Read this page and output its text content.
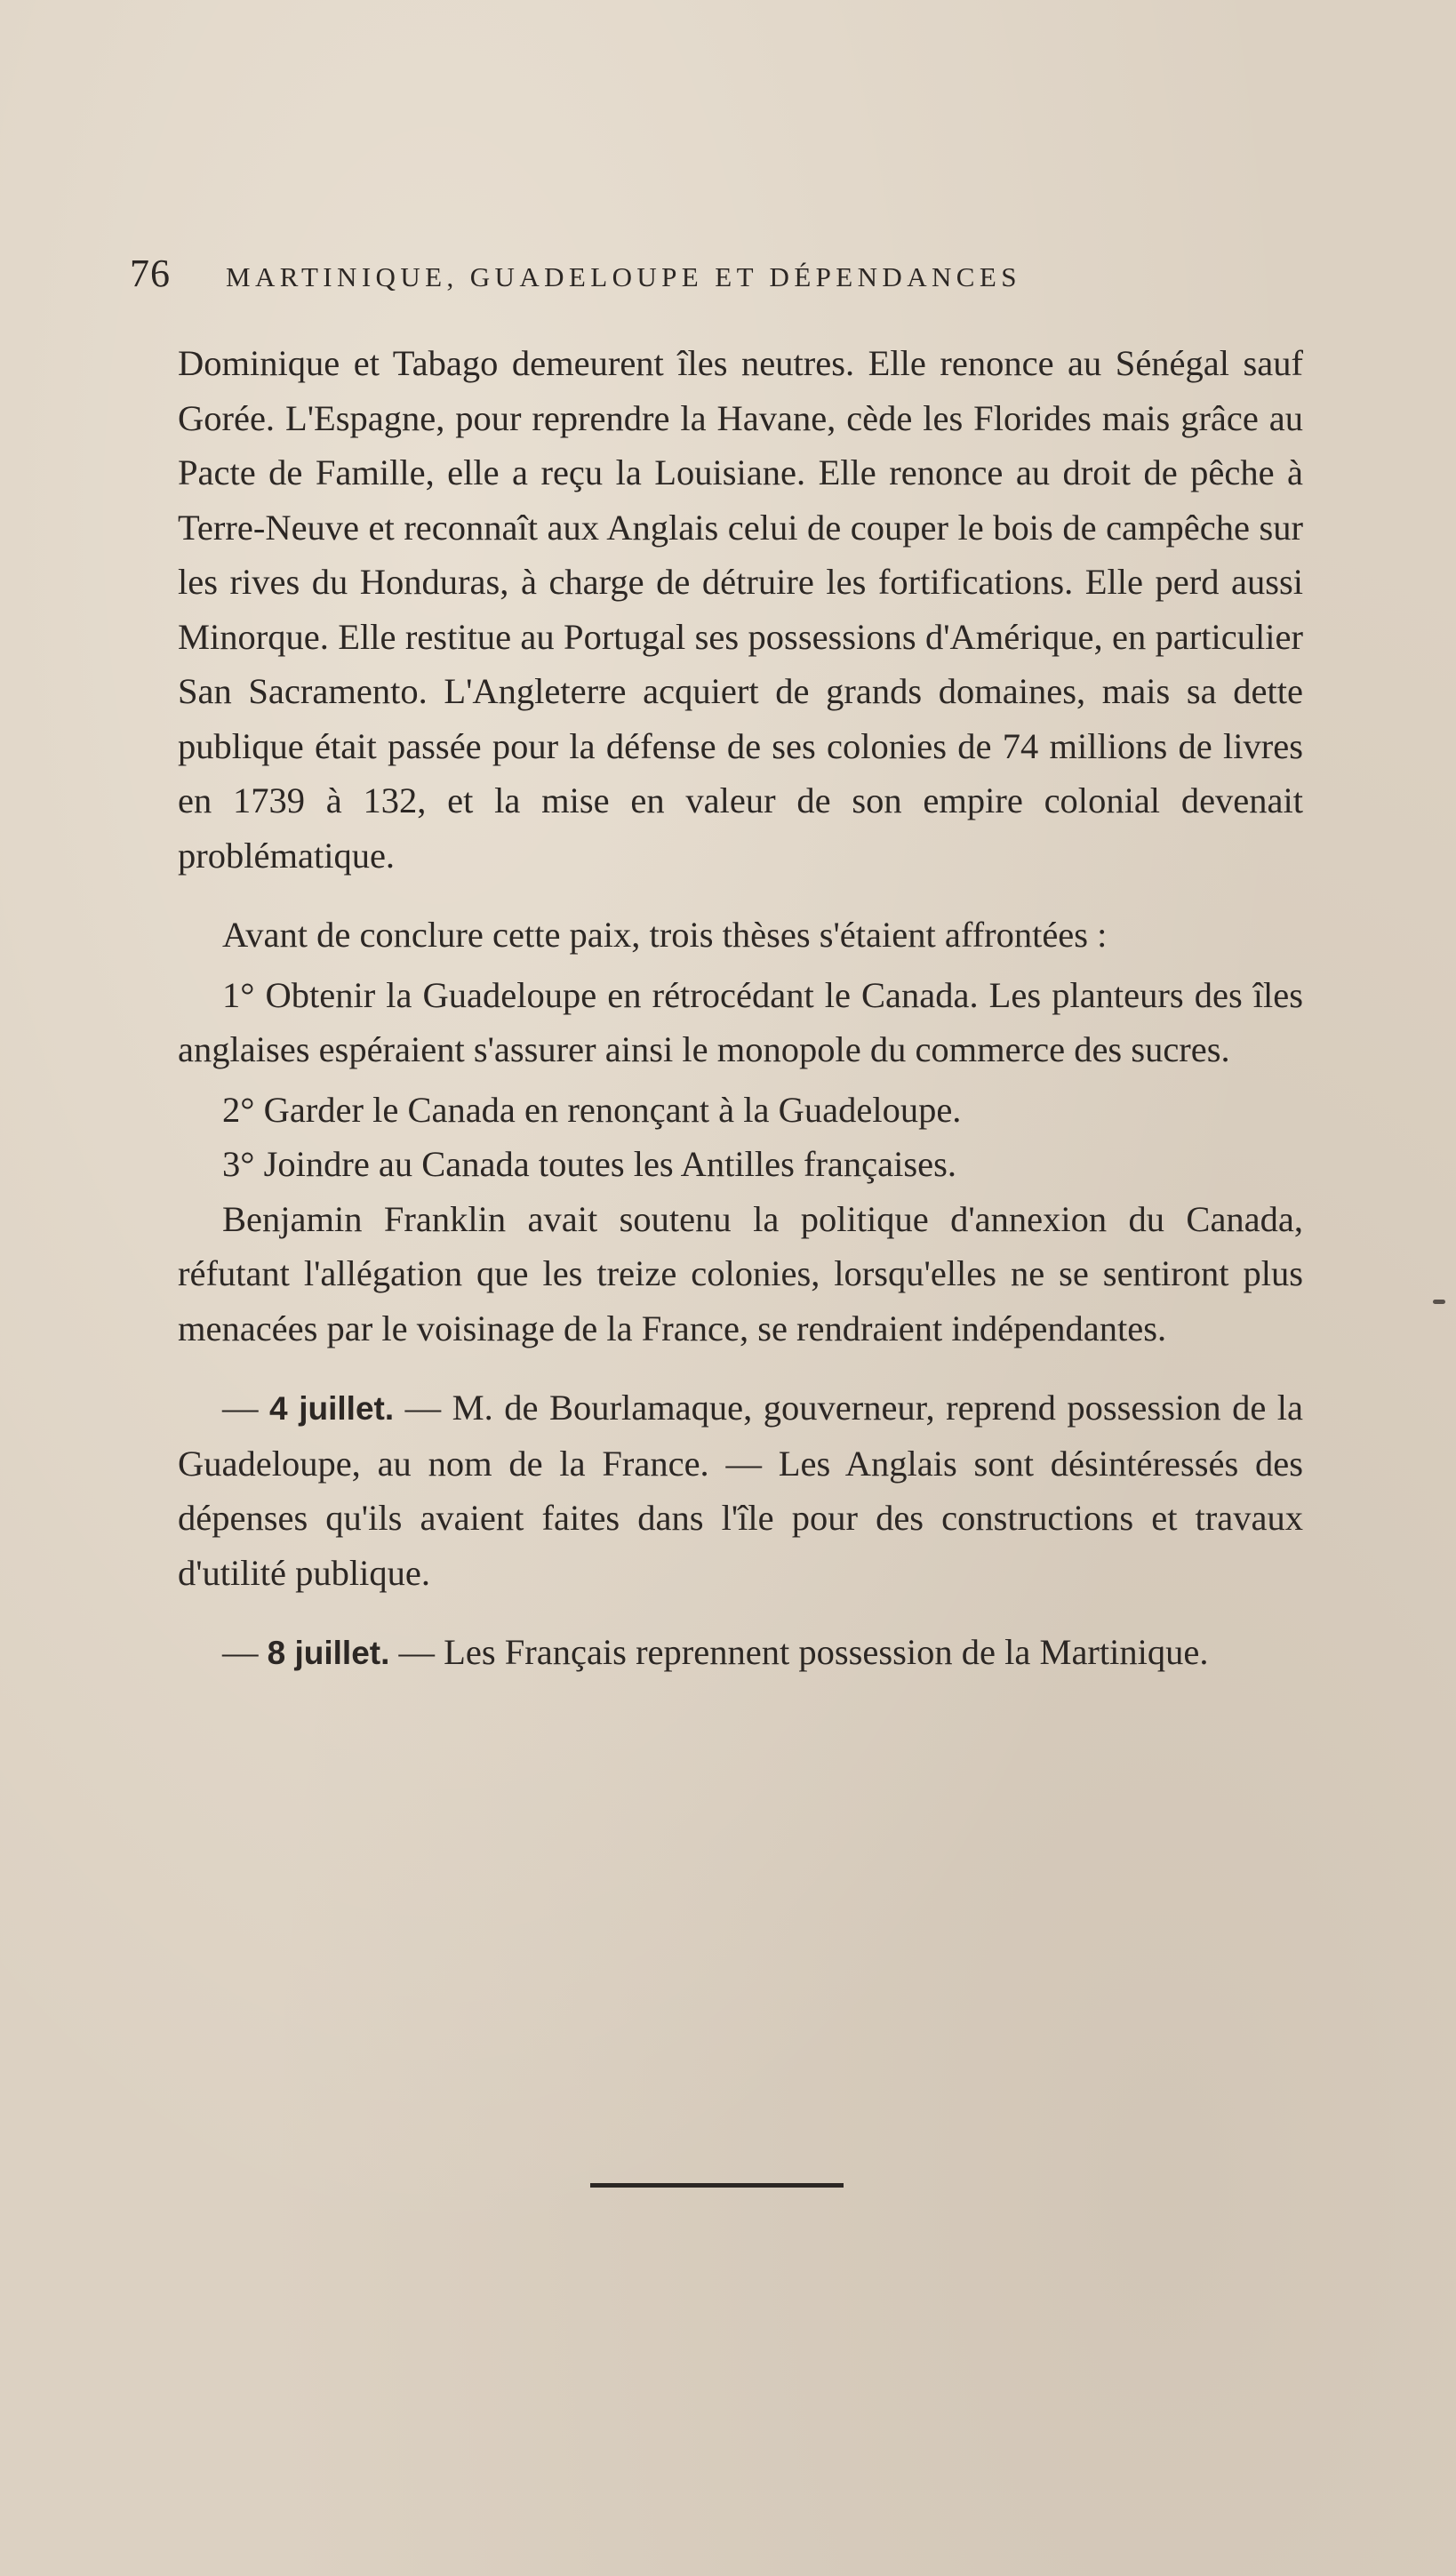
76 MARTINIQUE, GUADELOUPE ET DÉPENDANCES

Dominique et Tabago demeurent îles neutres. Elle renonce au Sénégal sauf Gorée. L'Espagne, pour reprendre la Havane, cède les Florides mais grâce au Pacte de Famille, elle a reçu la Louisiane. Elle renonce au droit de pêche à Terre-Neuve et reconnaît aux Anglais celui de couper le bois de campêche sur les rives du Honduras, à charge de détruire les fortifications. Elle perd aussi Minorque. Elle restitue au Portugal ses possessions d'Amérique, en particulier San Sacramento. L'Angleterre acquiert de grands domaines, mais sa dette publique était passée pour la défense de ses colonies de 74 millions de livres en 1739 à 132, et la mise en valeur de son empire colonial devenait problématique.

Avant de conclure cette paix, trois thèses s'étaient affrontées :

1° Obtenir la Guadeloupe en rétrocédant le Canada. Les planteurs des îles anglaises espéraient s'assurer ainsi le monopole du commerce des sucres.

2° Garder le Canada en renonçant à la Guadeloupe.

3° Joindre au Canada toutes les Antilles françaises.

Benjamin Franklin avait soutenu la politique d'annexion du Canada, réfutant l'allégation que les treize colonies, lorsqu'elles ne se sentiront plus menacées par le voisinage de la France, se rendraient indépendantes.

— 4 juillet. — M. de Bourlamaque, gouverneur, reprend possession de la Guadeloupe, au nom de la France. — Les Anglais sont désintéressés des dépenses qu'ils avaient faites dans l'île pour des constructions et travaux d'utilité publique.

— 8 juillet. — Les Français reprennent possession de la Martinique.
